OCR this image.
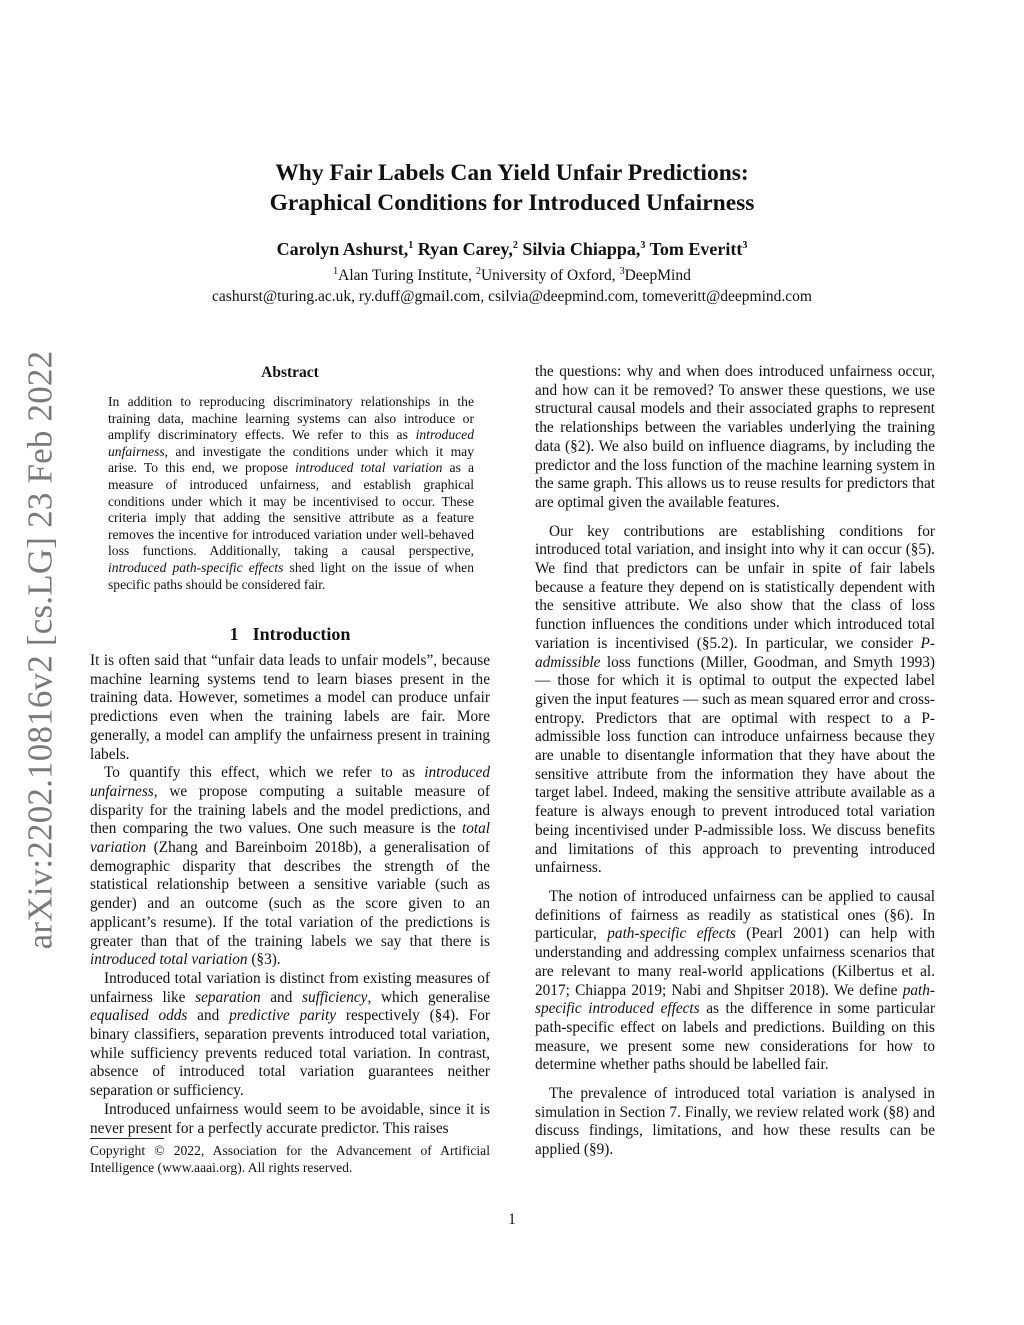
arXiv:2202.10816v2 [cs.LG] 23 Feb 2022
Why Fair Labels Can Yield Unfair Predictions:
Graphical Conditions for Introduced Unfairness
Carolyn Ashurst,$^1$ Ryan Carey,$^2$ Silvia Chiappa,$^3$ Tom Everitt$^3$
$^1$Alan Turing Institute, $^2$University of Oxford, $^3$DeepMind
cashurst@turing.ac.uk, ry.duff@gmail.com, csilvia@deepmind.com, tomeveritt@deepmind.com
Abstract

In addition to reproducing discriminatory relationships in the training data, machine learning systems can also introduce or amplify discriminatory effects. We refer to this as introduced unfairness, and investigate the conditions under which it may arise. To this end, we propose introduced total variation as a measure of introduced unfairness, and establish graphical conditions under which it may be incentivised to occur. These criteria imply that adding the sensitive attribute as a feature removes the incentive for introduced variation under well-behaved loss functions. Additionally, taking a causal perspective, introduced path-specific effects shed light on the issue of when specific paths should be considered fair.

1 Introduction

It is often said that “unfair data leads to unfair models”, because machine learning systems tend to learn biases present in the training data. However, sometimes a model can produce unfair predictions even when the training labels are fair. More generally, a model can amplify the unfairness present in training labels.

To quantify this effect, which we refer to as introduced unfairness, we propose computing a suitable measure of disparity for the training labels and the model predictions, and then comparing the two values. One such measure is the total variation (Zhang and Bareinboim 2018b), a generalisation of demographic disparity that describes the strength of the statistical relationship between a sensitive variable (such as gender) and an outcome (such as the score given to an applicant’s resume). If the total variation of the predictions is greater than that of the training labels we say that there is introduced total variation (§3).

Introduced total variation is distinct from existing measures of unfairness like separation and sufficiency, which generalise equalised odds and predictive parity respectively (§4). For binary classifiers, separation prevents introduced total variation, while sufficiency prevents reduced total variation. In contrast, absence of introduced total variation guarantees neither separation or sufficiency.

Introduced unfairness would seem to be avoidable, since it is never present for a perfectly accurate predictor. This raises

Copyright © 2022, Association for the Advancement of Artificial Intelligence (www.aaai.org). All rights reserved.

the questions: why and when does introduced unfairness occur, and how can it be removed? To answer these questions, we use structural causal models and their associated graphs to represent the relationships between the variables underlying the training data (§2). We also build on influence diagrams, by including the predictor and the loss function of the machine learning system in the same graph. This allows us to reuse results for predictors that are optimal given the available features.

Our key contributions are establishing conditions for introduced total variation, and insight into why it can occur (§5). We find that predictors can be unfair in spite of fair labels because a feature they depend on is statistically dependent with the sensitive attribute. We also show that the class of loss function influences the conditions under which introduced total variation is incentivised (§5.2). In particular, we consider P-admissible loss functions (Miller, Goodman, and Smyth 1993) — those for which it is optimal to output the expected label given the input features — such as mean squared error and cross-entropy. Predictors that are optimal with respect to a P-admissible loss function can introduce unfairness because they are unable to disentangle information that they have about the sensitive attribute from the information they have about the target label. Indeed, making the sensitive attribute available as a feature is always enough to prevent introduced total variation being incentivised under P-admissible loss. We discuss benefits and limitations of this approach to preventing introduced unfairness.

The notion of introduced unfairness can be applied to causal definitions of fairness as readily as statistical ones (§6). In particular, path-specific effects (Pearl 2001) can help with understanding and addressing complex unfairness scenarios that are relevant to many real-world applications (Kilbertus et al. 2017; Chiappa 2019; Nabi and Shpitser 2018). We define path-specific introduced effects as the difference in some particular path-specific effect on labels and predictions. Building on this measure, we present some new considerations for how to determine whether paths should be labelled fair.

The prevalence of introduced total variation is analysed in simulation in Section 7. Finally, we review related work (§8) and discuss findings, limitations, and how these results can be applied (§9).

1
